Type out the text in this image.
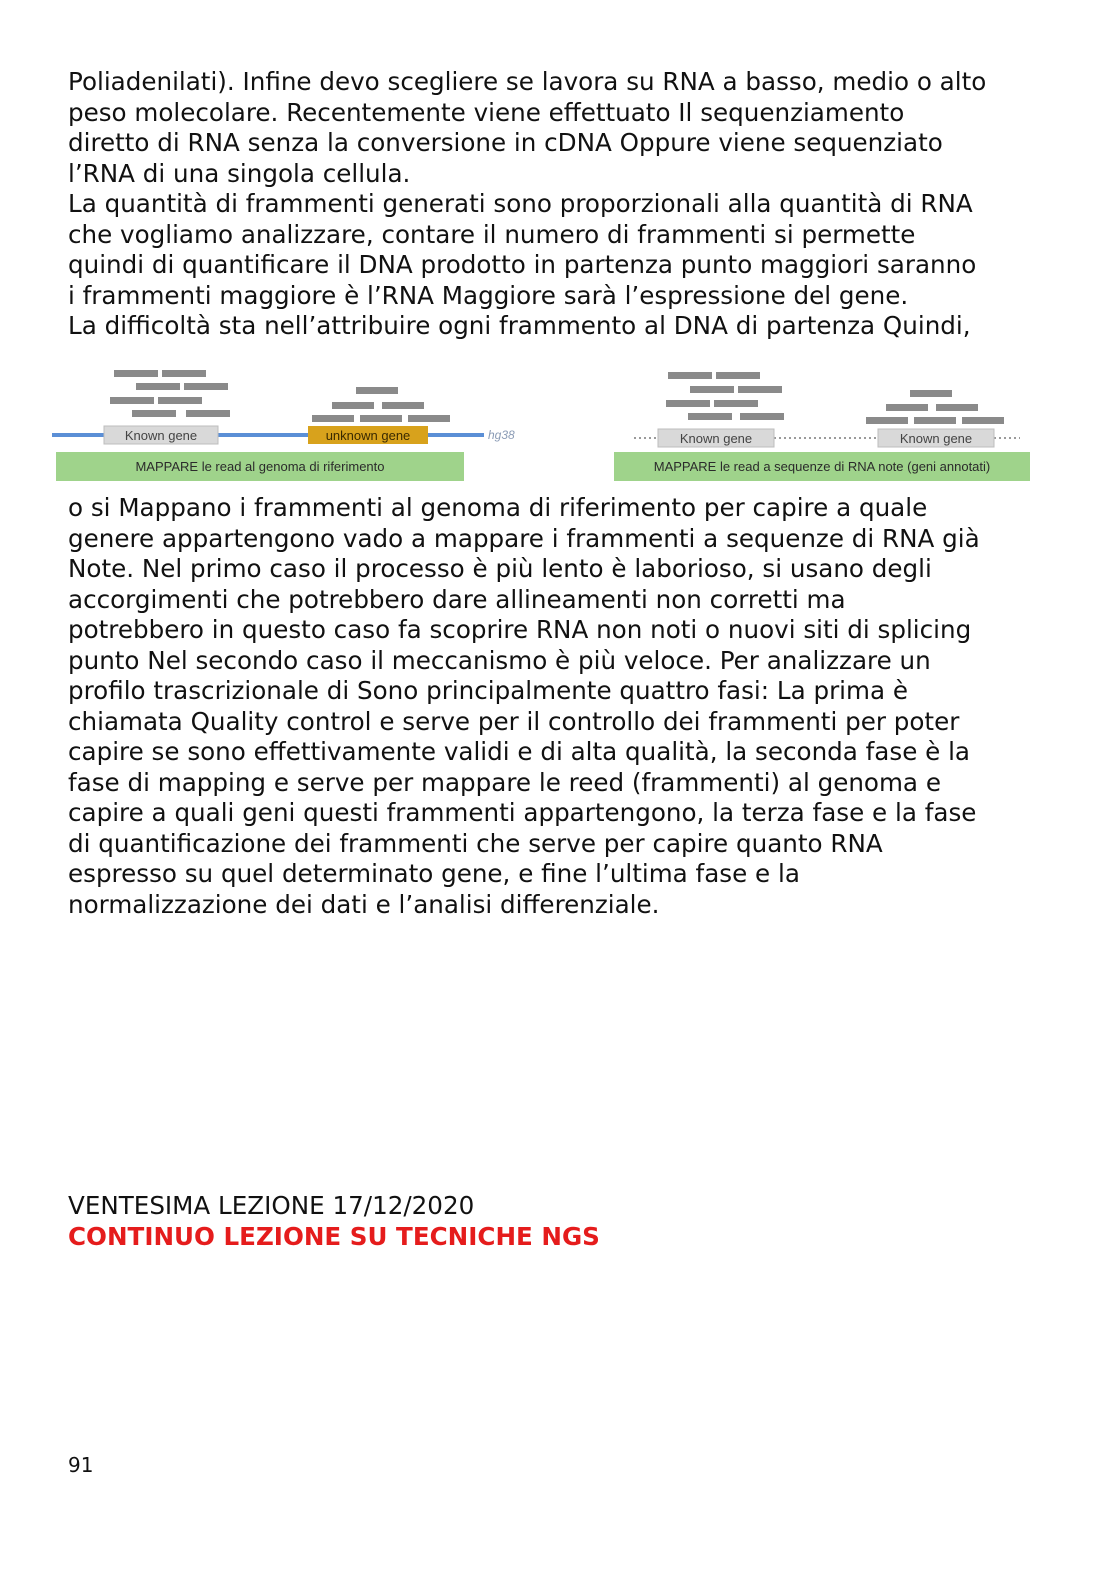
Poliadenilati). Infine devo scegliere se lavora su RNA a basso, medio o alto
peso molecolare. Recentemente viene effettuato Il sequenziamento
diretto di RNA senza la conversione in cDNA Oppure viene sequenziato
l’RNA di una singola cellula.
La quantità di frammenti generati sono proporzionali alla quantità di RNA
che vogliamo analizzare, contare il numero di frammenti si permette
quindi di quantificare il DNA prodotto in partenza punto maggiori saranno
i frammenti maggiore è l’RNA Maggiore sarà l’espressione del gene.
La difficoltà sta nell’attribuire ogni frammento al DNA di partenza Quindi,
Known gene	unknown gene	hg38
MAPPARE le read al genoma di riferimento
Known gene	Known gene
MAPPARE le read a sequenze di RNA note (geni annotati)
o si Mappano i frammenti al genoma di riferimento per capire a quale
genere appartengono vado a mappare i frammenti a sequenze di RNA già
Note. Nel primo caso il processo è più lento è laborioso, si usano degli
accorgimenti che potrebbero dare allineamenti non corretti ma
potrebbero in questo caso fa scoprire RNA non noti o nuovi siti di splicing
punto Nel secondo caso il meccanismo è più veloce. Per analizzare un
profilo trascrizionale di Sono principalmente quattro fasi: La prima è
chiamata Quality control e serve per il controllo dei frammenti per poter
capire se sono effettivamente validi e di alta qualità, la seconda fase è la
fase di mapping e serve per mappare le reed (frammenti) al genoma e
capire a quali geni questi frammenti appartengono, la terza fase e la fase
di quantificazione dei frammenti che serve per capire quanto RNA
espresso su quel determinato gene, e fine l’ultima fase e la
normalizzazione dei dati e l’analisi differenziale.
VENTESIMA LEZIONE 17/12/2020
CONTINUO LEZIONE SU TECNICHE NGS
91
